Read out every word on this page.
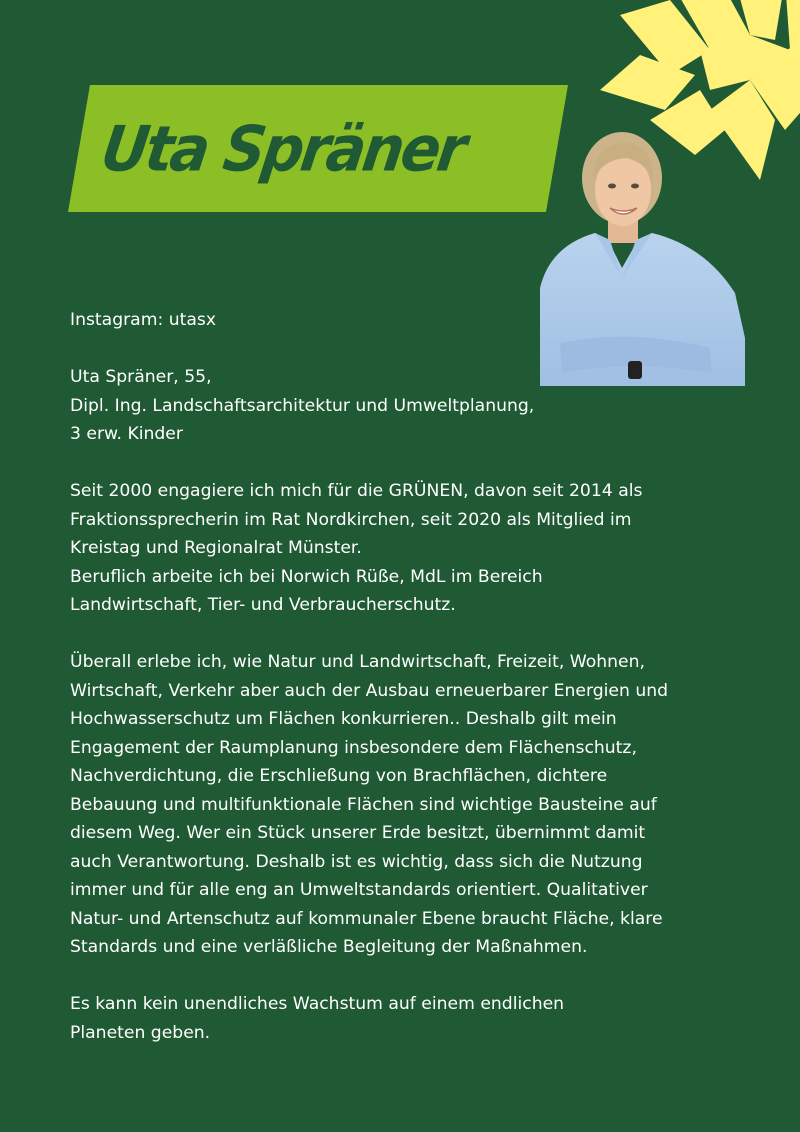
Uta Spräner

Instagram: utasx

Uta Spräner, 55,

Dipl. Ing. Landschaftsarchitektur und Umweltplanung,

3 erw. Kinder

Seit 2000 engagiere ich mich für die GRÜNEN, davon seit 2014 als

Fraktionssprecherin im Rat Nordkirchen, seit 2020 als Mitglied im

Kreistag und Regionalrat Münster.

Beruflich arbeite ich bei Norwich Rüße, MdL im Bereich

Landwirtschaft, Tier- und Verbraucherschutz.

Überall erlebe ich, wie Natur und Landwirtschaft, Freizeit, Wohnen,

Wirtschaft, Verkehr aber auch der Ausbau erneuerbarer Energien und

Hochwasserschutz um Flächen konkurrieren.. Deshalb gilt mein

Engagement der Raumplanung insbesondere dem Flächenschutz,

Nachverdichtung, die Erschließung von Brachflächen, dichtere

Bebauung und multifunktionale Flächen sind wichtige Bausteine auf

diesem Weg. Wer ein Stück unserer Erde besitzt, übernimmt damit

auch Verantwortung. Deshalb ist es wichtig, dass sich die Nutzung

immer und für alle eng an Umweltstandards orientiert. Qualitativer

Natur- und Artenschutz auf kommunaler Ebene braucht Fläche, klare

Standards und eine verläßliche Begleitung der Maßnahmen.

Es kann kein unendliches Wachstum auf einem endlichen

Planeten geben.
